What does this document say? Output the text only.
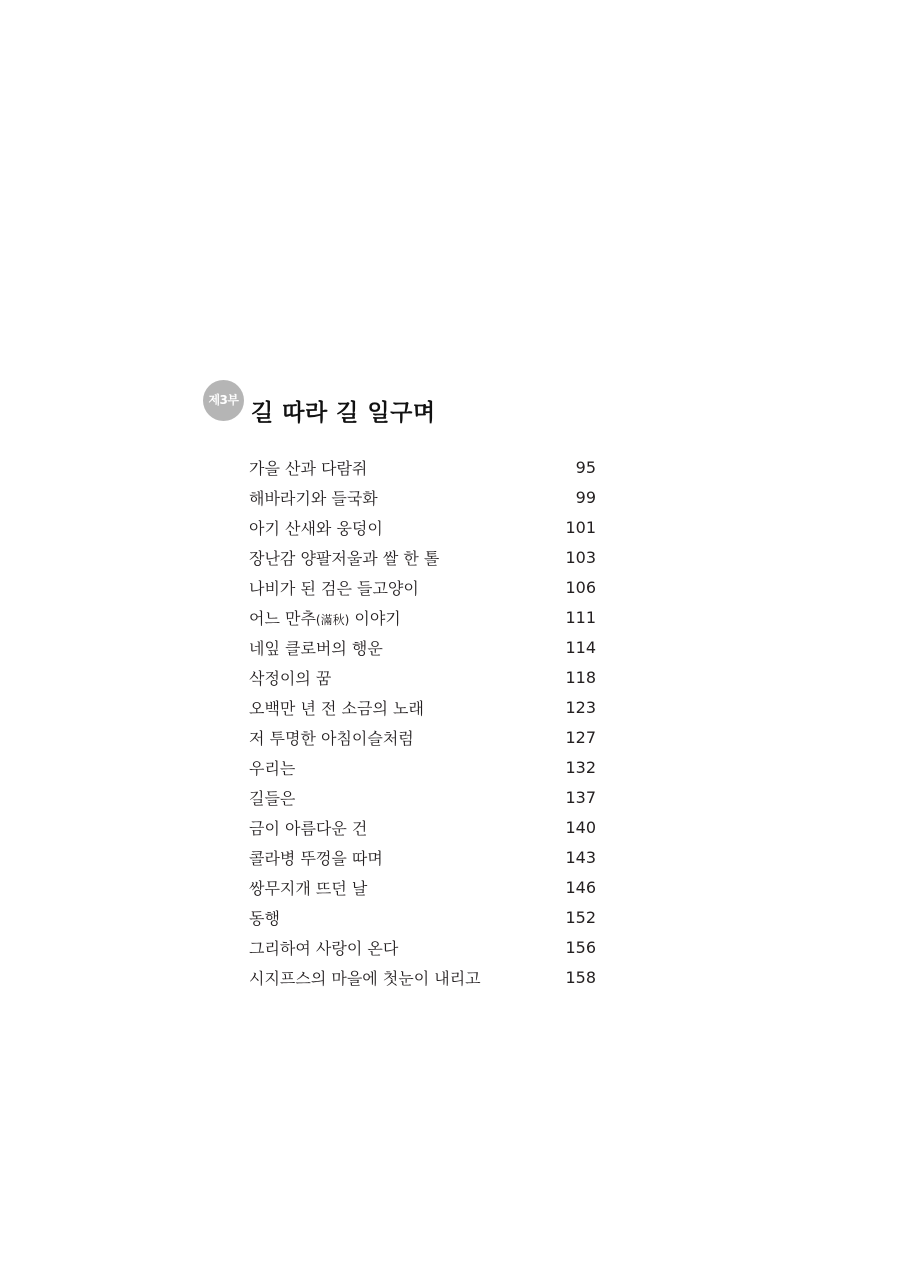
제3부 길 따라 길 일구며
가을 산과 다람쥐	95
해바라기와 들국화	99
아기 산새와 웅덩이	101
장난감 양팔저울과 쌀 한 톨	103
나비가 된 검은 들고양이	106
어느 만추(滿秋) 이야기	111
네잎 클로버의 행운	114
삭정이의 꿈	118
오백만 년 전 소금의 노래	123
저 투명한 아침이슬처럼	127
우리는	132
길들은	137
금이 아름다운 건	140
콜라병 뚜껑을 따며	143
쌍무지개 뜨던 날	146
동행	152
그리하여 사랑이 온다	156
시지프스의 마을에 첫눈이 내리고	158
